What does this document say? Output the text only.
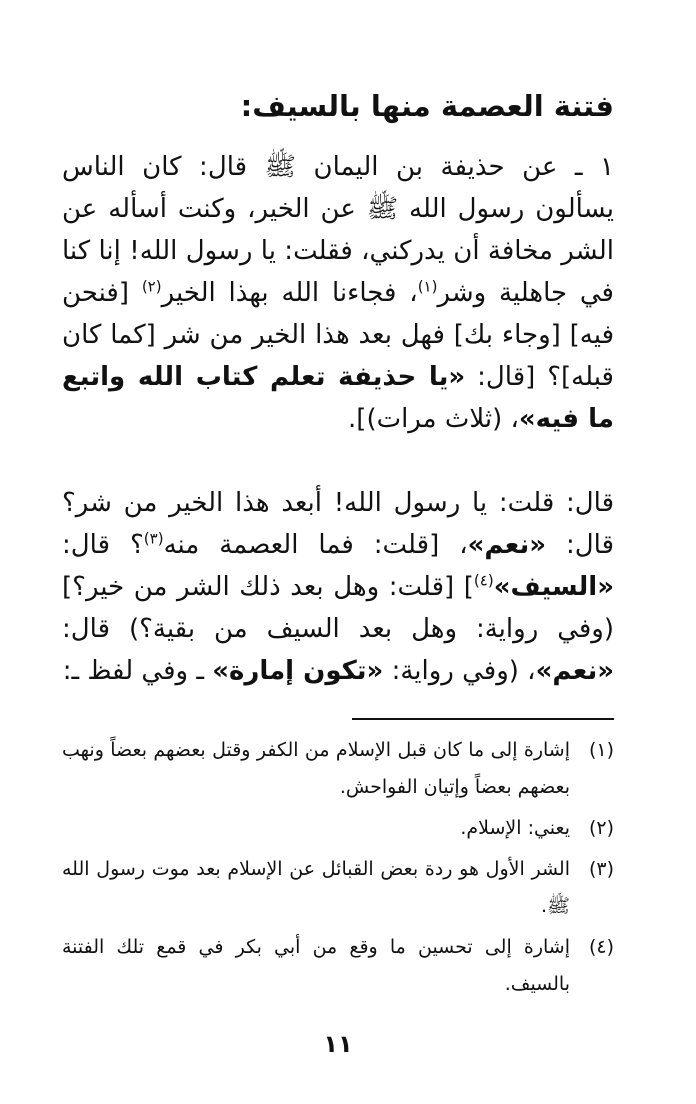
فتنة العصمة منها بالسيف:

١ ـ عن حذيفة بن اليمان ﷺ قال: كان الناس يسألون رسول الله ﷺ عن الخير، وكنت أسأله عن الشر مخافة أن يدركني، فقلت: يا رسول الله! إنا كنا في جاهلية وشر$^{(١)}$، فجاءنا الله بهذا الخير$^{(٢)}$ [فنحن فيه] [وجاء بك] فهل بعد هذا الخير من شر [كما كان قبله]؟ [قال: «يا حذيفة تعلم كتاب الله واتبع ما فيه»، (ثلاث مرات)].

قال: قلت: يا رسول الله! أبعد هذا الخير من شر؟ قال: «نعم»، [قلت: فما العصمة منه$^{(٣)}$؟ قال: «السيف»$^{(٤)}$] [قلت: وهل بعد ذلك الشر من خير؟] (وفي رواية: وهل بعد السيف من بقية؟) قال: «نعم»، (وفي رواية: «تكون إمارة» ـ وفي لفظ ـ:

(١)
إشارة إلى ما كان قبل الإسلام من الكفر وقتل بعضهم بعضاً ونهب بعضهم بعضاً وإتيان الفواحش.
(٢)
يعني: الإسلام.
(٣)
الشر الأول هو ردة بعض القبائل عن الإسلام بعد موت رسول الله ﷺ.
(٤)
إشارة إلى تحسين ما وقع من أبي بكر في قمع تلك الفتنة بالسيف.
١١
